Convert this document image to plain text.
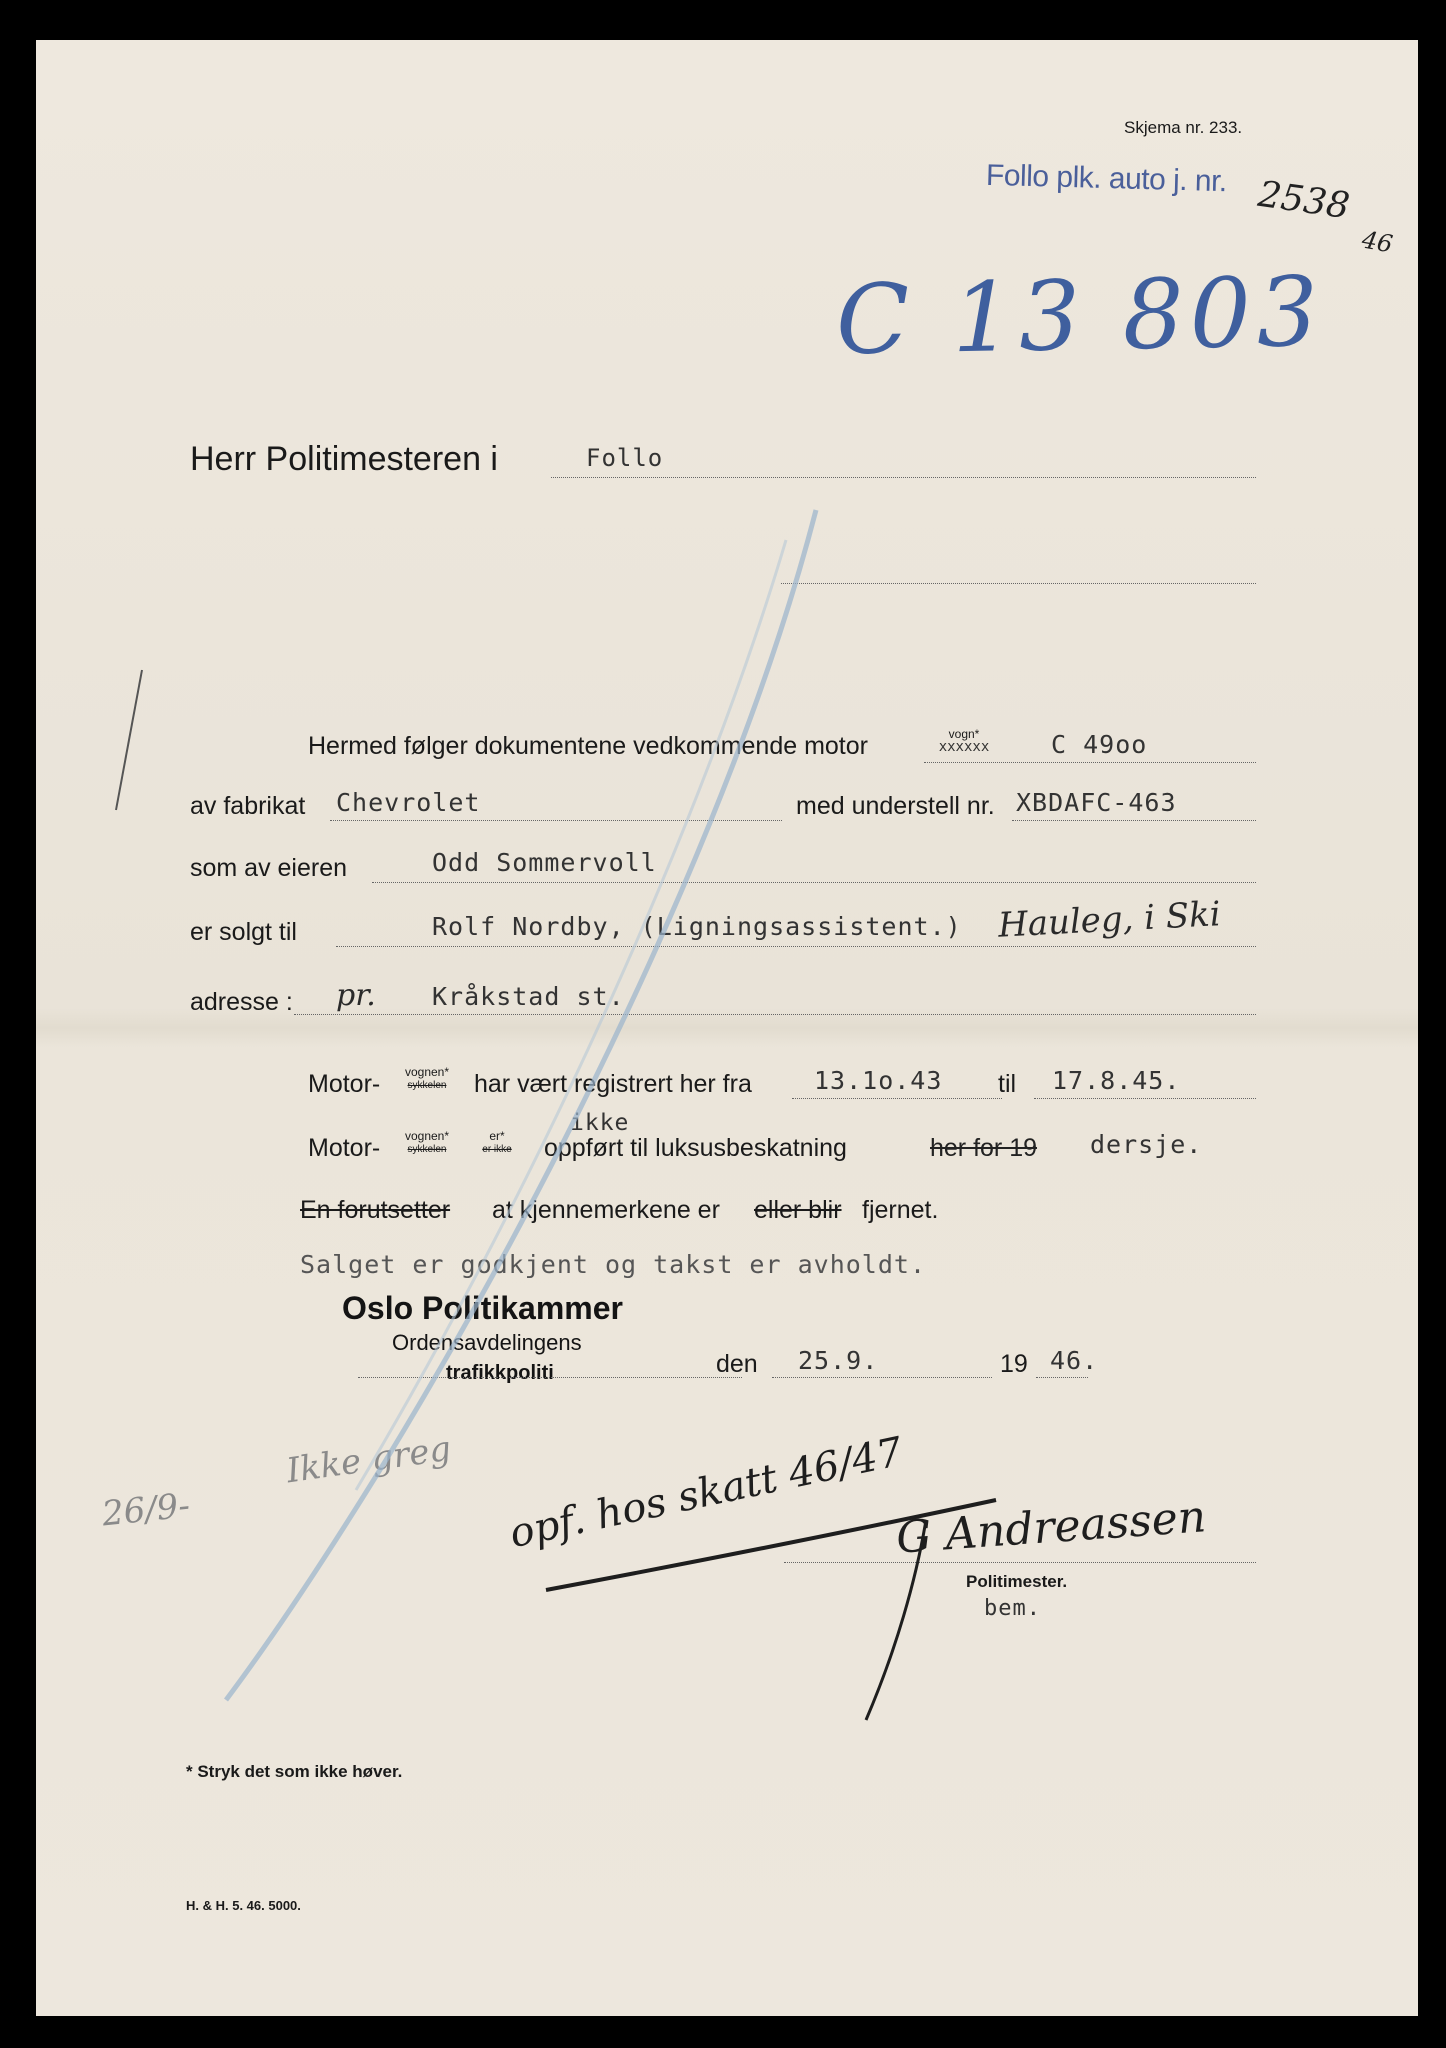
Skjema nr. 233.
Follo plk. auto j. nr. 2538
46
C 13 803
Herr Politimesteren i	Follo
Hermed følger dokumentene vedkommende motor	vogn*
xxxxxx	C 49oo
av fabrikat Chevrolet	med understell nr. XBDAFC-463
som av eieren	Odd Sommervoll
er solgt til	Rolf Nordby, (Ligningsassistent.) Hauleg, i Ski
adresse : pr. Kråkstad st.
Motor-	vognen*
sykkelen	har vært registrert her fra 13.1o.43 til 17.8.45.
ikke
Motor-	vognen*
sykkelen
er*
er ikke	oppført til luksusbeskatning	her for 19 dersje.
En forutsetter at kjennemerkene er eller blir fjernet.
Salget er godkjent og takst er avholdt.
Oslo Politikammer
Ordensavdelingens
trafikkpoliti	den 25.9.	19 46.
26/9-
Ikke greg opf. hos skatt 46/47
G Andreassen
Politimester.
bem.
* Stryk det som ikke høver.
H. & H. 5. 46. 5000.
